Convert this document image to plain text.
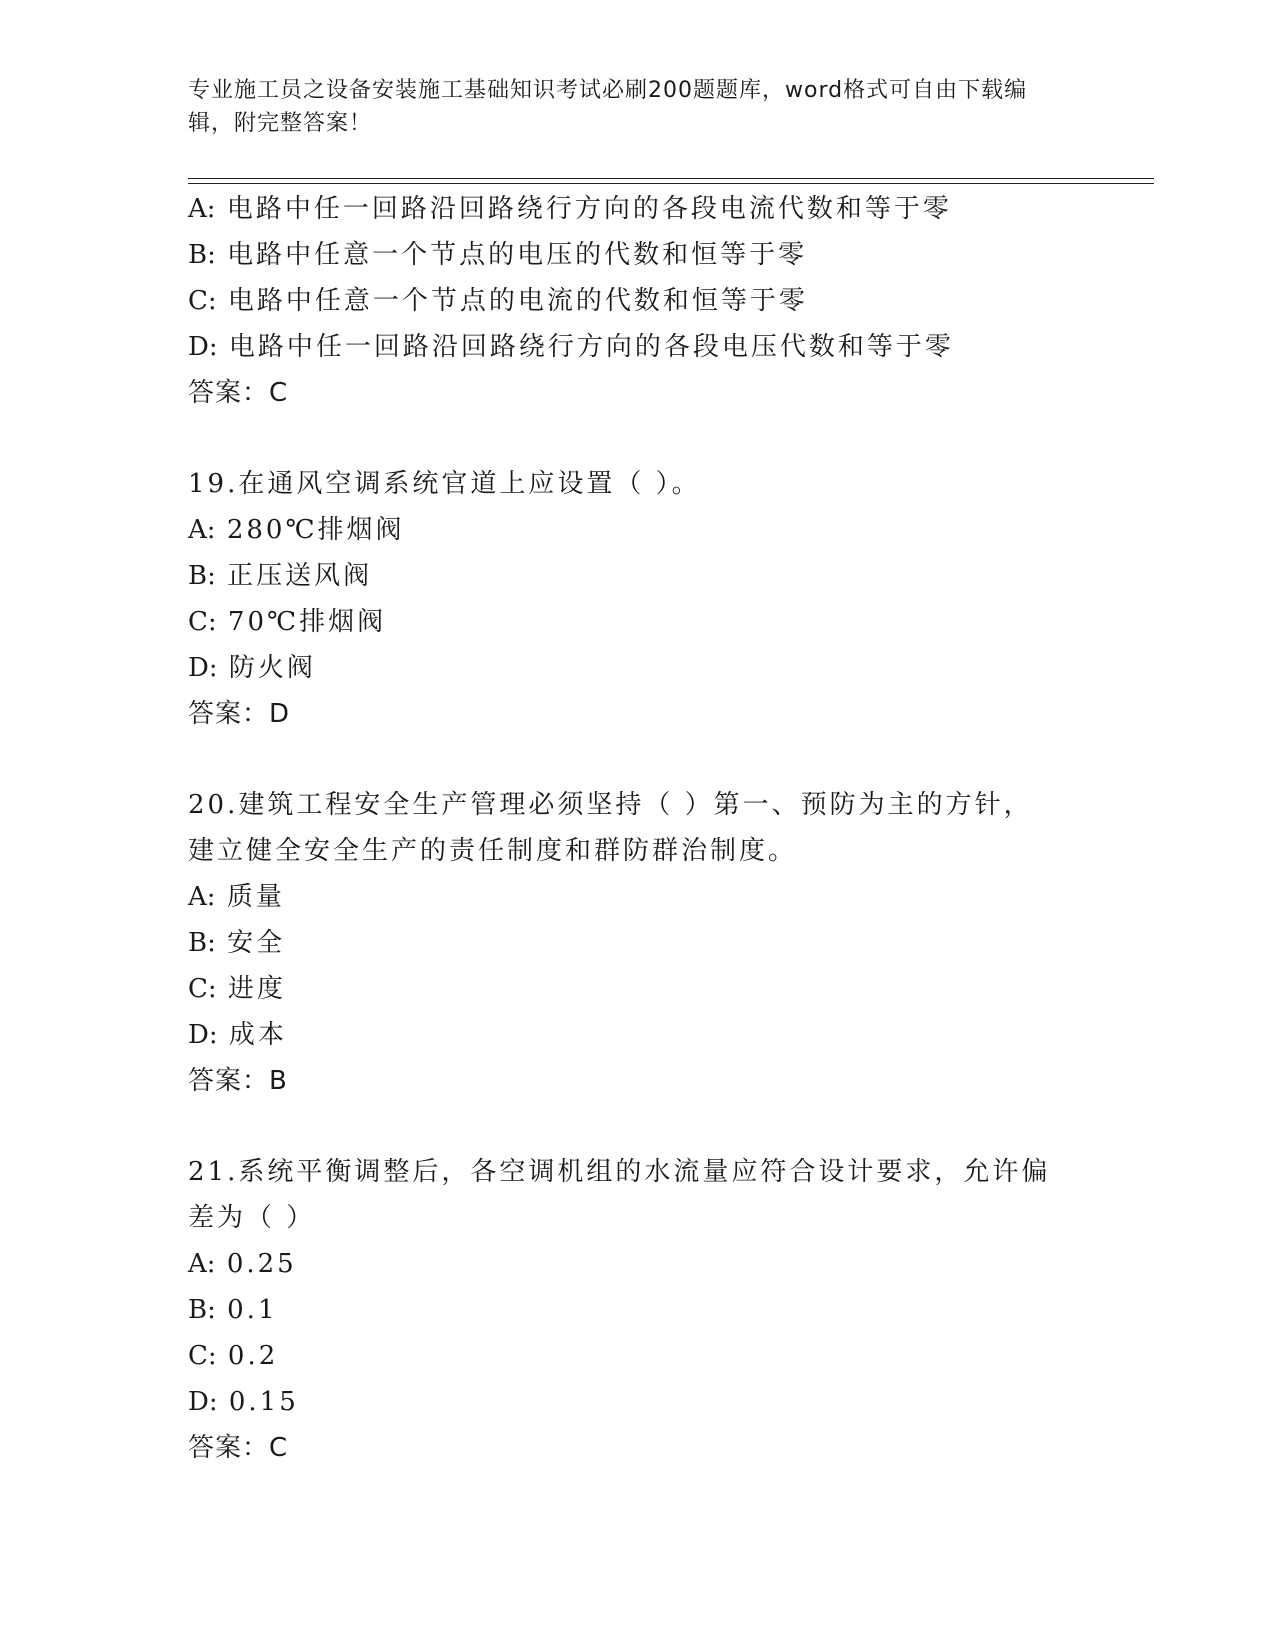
专业施工员之设备安装施工基础知识考试必刷200题题库，word格式可自由下载编辑，附完整答案！
A: 电路中任一回路沿回路绕行方向的各段电流代数和等于零
B: 电路中任意一个节点的电压的代数和恒等于零
C: 电路中任意一个节点的电流的代数和恒等于零
D: 电路中任一回路沿回路绕行方向的各段电压代数和等于零
答案：C
19.在通风空调系统官道上应设置（ ）。
A: 280℃排烟阀
B: 正压送风阀
C: 70℃排烟阀
D: 防火阀
答案：D
20.建筑工程安全生产管理必须坚持（ ）第一、预防为主的方针，建立健全安全生产的责任制度和群防群治制度。
A: 质量
B: 安全
C: 进度
D: 成本
答案：B
21.系统平衡调整后，各空调机组的水流量应符合设计要求，允许偏差为（ ）
A: 0.25
B: 0.1
C: 0.2
D: 0.15
答案：C
